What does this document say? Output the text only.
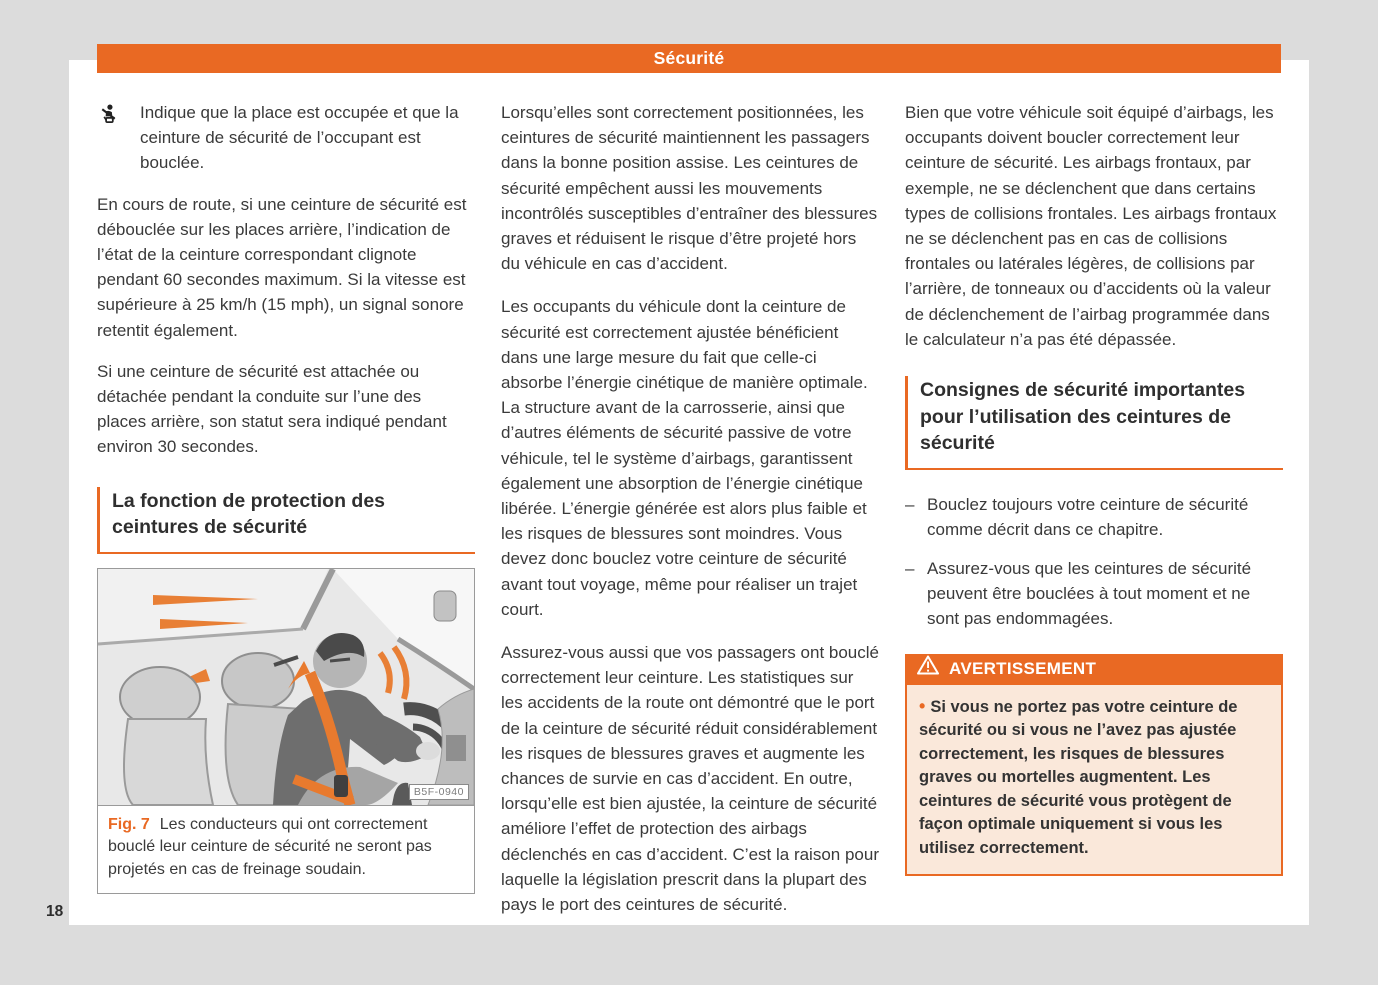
Sécurité
Indique que la place est occupée et que la ceinture de sécurité de l’occupant est bouclée.

En cours de route, si une ceinture de sécurité est débouclée sur les places arrière, l’indication de l’état de la ceinture correspondant clignote pendant 60 secondes maximum. Si la vitesse est supérieure à 25 km/h (15 mph), un signal sonore retentit également.

Si une ceinture de sécurité est attachée ou détachée pendant la conduite sur l’une des places arrière, son statut sera indiqué pendant environ 30 secondes.

La fonction de protection des ceintures de sécurité
B5F-0940

Fig. 7 Les conducteurs qui ont correctement bouclé leur ceinture de sécurité ne seront pas projetés en cas de freinage soudain.

Lorsqu’elles sont correctement positionnées, les ceintures de sécurité maintiennent les passagers dans la bonne position assise. Les ceintures de sécurité empêchent aussi les mouvements incontrôlés susceptibles d’entraîner des blessures graves et réduisent le risque d’être projeté hors du véhicule en cas d’accident.

Les occupants du véhicule dont la ceinture de sécurité est correctement ajustée bénéficient dans une large mesure du fait que celle-ci absorbe l’énergie cinétique de manière optimale. La structure avant de la carrosserie, ainsi que d’autres éléments de sécurité passive de votre véhicule, tel le système d’airbags, garantissent également une absorption de l’énergie cinétique libérée. L’énergie générée est alors plus faible et les risques de blessures sont moindres. Vous devez donc bouclez votre ceinture de sécurité avant tout voyage, même pour réaliser un trajet court.

Assurez-vous aussi que vos passagers ont bouclé correctement leur ceinture. Les statistiques sur les accidents de la route ont démontré que le port de la ceinture de sécurité réduit considérablement les risques de blessures graves et augmente les chances de survie en cas d’accident. En outre, lorsqu’elle est bien ajustée, la ceinture de sécurité améliore l’effet de protection des airbags déclenchés en cas d’accident. C’est la raison pour laquelle la législation prescrit dans la plupart des pays le port des ceintures de sécurité.

Bien que votre véhicule soit équipé d’airbags, les occupants doivent boucler correctement leur ceinture de sécurité. Les airbags frontaux, par exemple, ne se déclenchent que dans certains types de collisions frontales. Les airbags frontaux ne se déclenchent pas en cas de collisions frontales ou latérales légères, de collisions par l’arrière, de tonneaux ou d’accidents où la valeur de déclenchement de l’airbag programmée dans le calculateur n’a pas été dépassée.

Consignes de sécurité importantes pour l’utilisation des ceintures de sécurité
– Bouclez toujours votre ceinture de sécurité comme décrit dans ce chapitre.
– Assurez-vous que les ceintures de sécurité peuvent être bouclées à tout moment et ne sont pas endommagées.
AVERTISSEMENT
• Si vous ne portez pas votre ceinture de sécurité ou si vous ne l’avez pas ajustée correctement, les risques de blessures graves ou mortelles augmentent. Les ceintures de sécurité vous protègent de façon optimale uniquement si vous les utilisez correctement.
18
